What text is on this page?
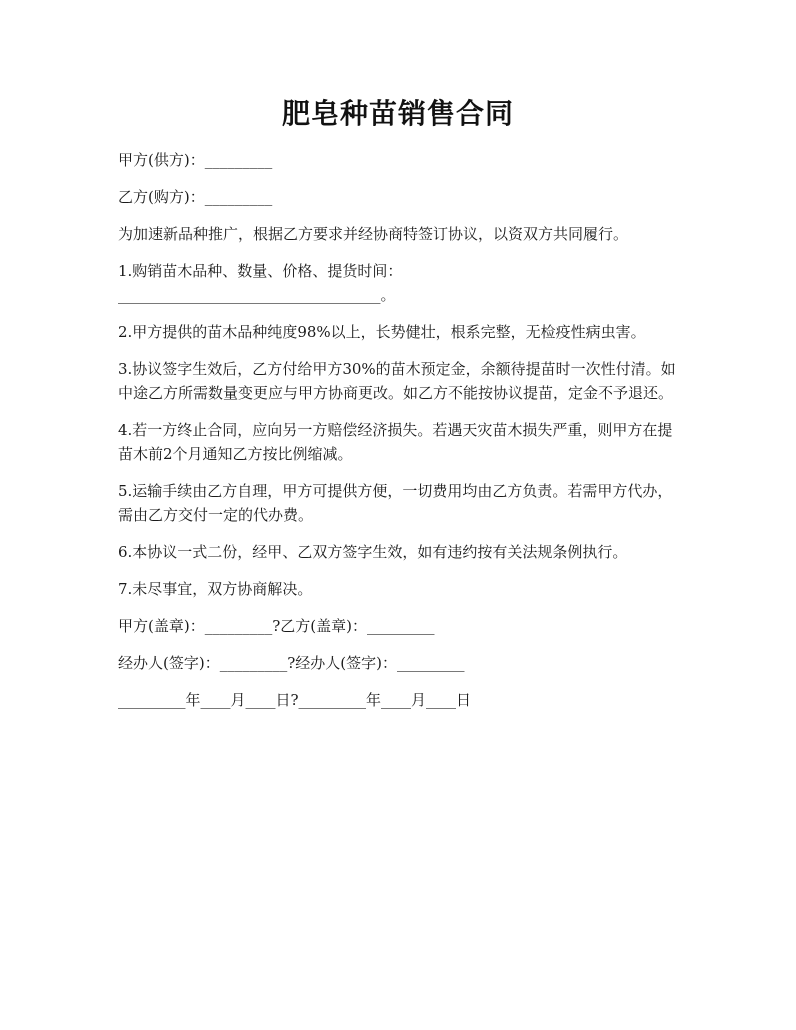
肥皂种苗销售合同

甲方(供方)：_________

乙方(购方)：_________

为加速新品种推广，根据乙方要求并经协商特签订协议，以资双方共同履行。

1.购销苗木品种、数量、价格、提货时间：
___________________________________。

2.甲方提供的苗木品种纯度98%以上，长势健壮，根系完整，无检疫性病虫害。

3.协议签字生效后，乙方付给甲方30%的苗木预定金，余额待提苗时一次性付清。如中途乙方所需数量变更应与甲方协商更改。如乙方不能按协议提苗，定金不予退还。

4.若一方终止合同，应向另一方赔偿经济损失。若遇天灾苗木损失严重，则甲方在提苗木前2个月通知乙方按比例缩减。

5.运输手续由乙方自理，甲方可提供方便，一切费用均由乙方负责。若需甲方代办，需由乙方交付一定的代办费。

6.本协议一式二份，经甲、乙双方签字生效，如有违约按有关法规条例执行。

7.未尽事宜，双方协商解决。

甲方(盖章)：_________?乙方(盖章)：_________

经办人(签字)：_________?经办人(签字)：_________

_________年____月____日?_________年____月____日
